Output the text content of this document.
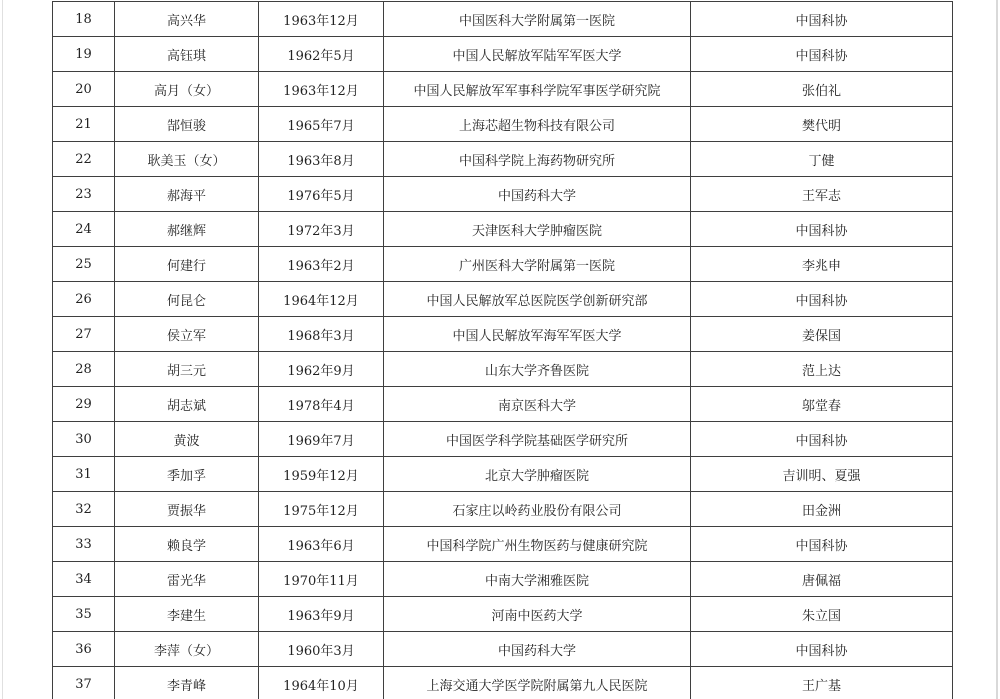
18	高兴华	1963年12月	中国医科大学附属第一医院	中国科协
19	高钰琪	1962年5月	中国人民解放军陆军军医大学	中国科协
20	高月（女）	1963年12月	中国人民解放军军事科学院军事医学研究院	张伯礼
21	郜恒骏	1965年7月	上海芯超生物科技有限公司	樊代明
22	耿美玉（女）	1963年8月	中国科学院上海药物研究所	丁健
23	郝海平	1976年5月	中国药科大学	王军志
24	郝继辉	1972年3月	天津医科大学肿瘤医院	中国科协
25	何建行	1963年2月	广州医科大学附属第一医院	李兆申
26	何昆仑	1964年12月	中国人民解放军总医院医学创新研究部	中国科协
27	侯立军	1968年3月	中国人民解放军海军军医大学	姜保国
28	胡三元	1962年9月	山东大学齐鲁医院	范上达
29	胡志斌	1978年4月	南京医科大学	邬堂春
30	黄波	1969年7月	中国医学科学院基础医学研究所	中国科协
31	季加孚	1959年12月	北京大学肿瘤医院	吉训明、夏强
32	贾振华	1975年12月	石家庄以岭药业股份有限公司	田金洲
33	赖良学	1963年6月	中国科学院广州生物医药与健康研究院	中国科协
34	雷光华	1970年11月	中南大学湘雅医院	唐佩福
35	李建生	1963年9月	河南中医药大学	朱立国
36	李萍（女）	1960年3月	中国药科大学	中国科协
37	李青峰	1964年10月	上海交通大学医学院附属第九人民医院	王广基
